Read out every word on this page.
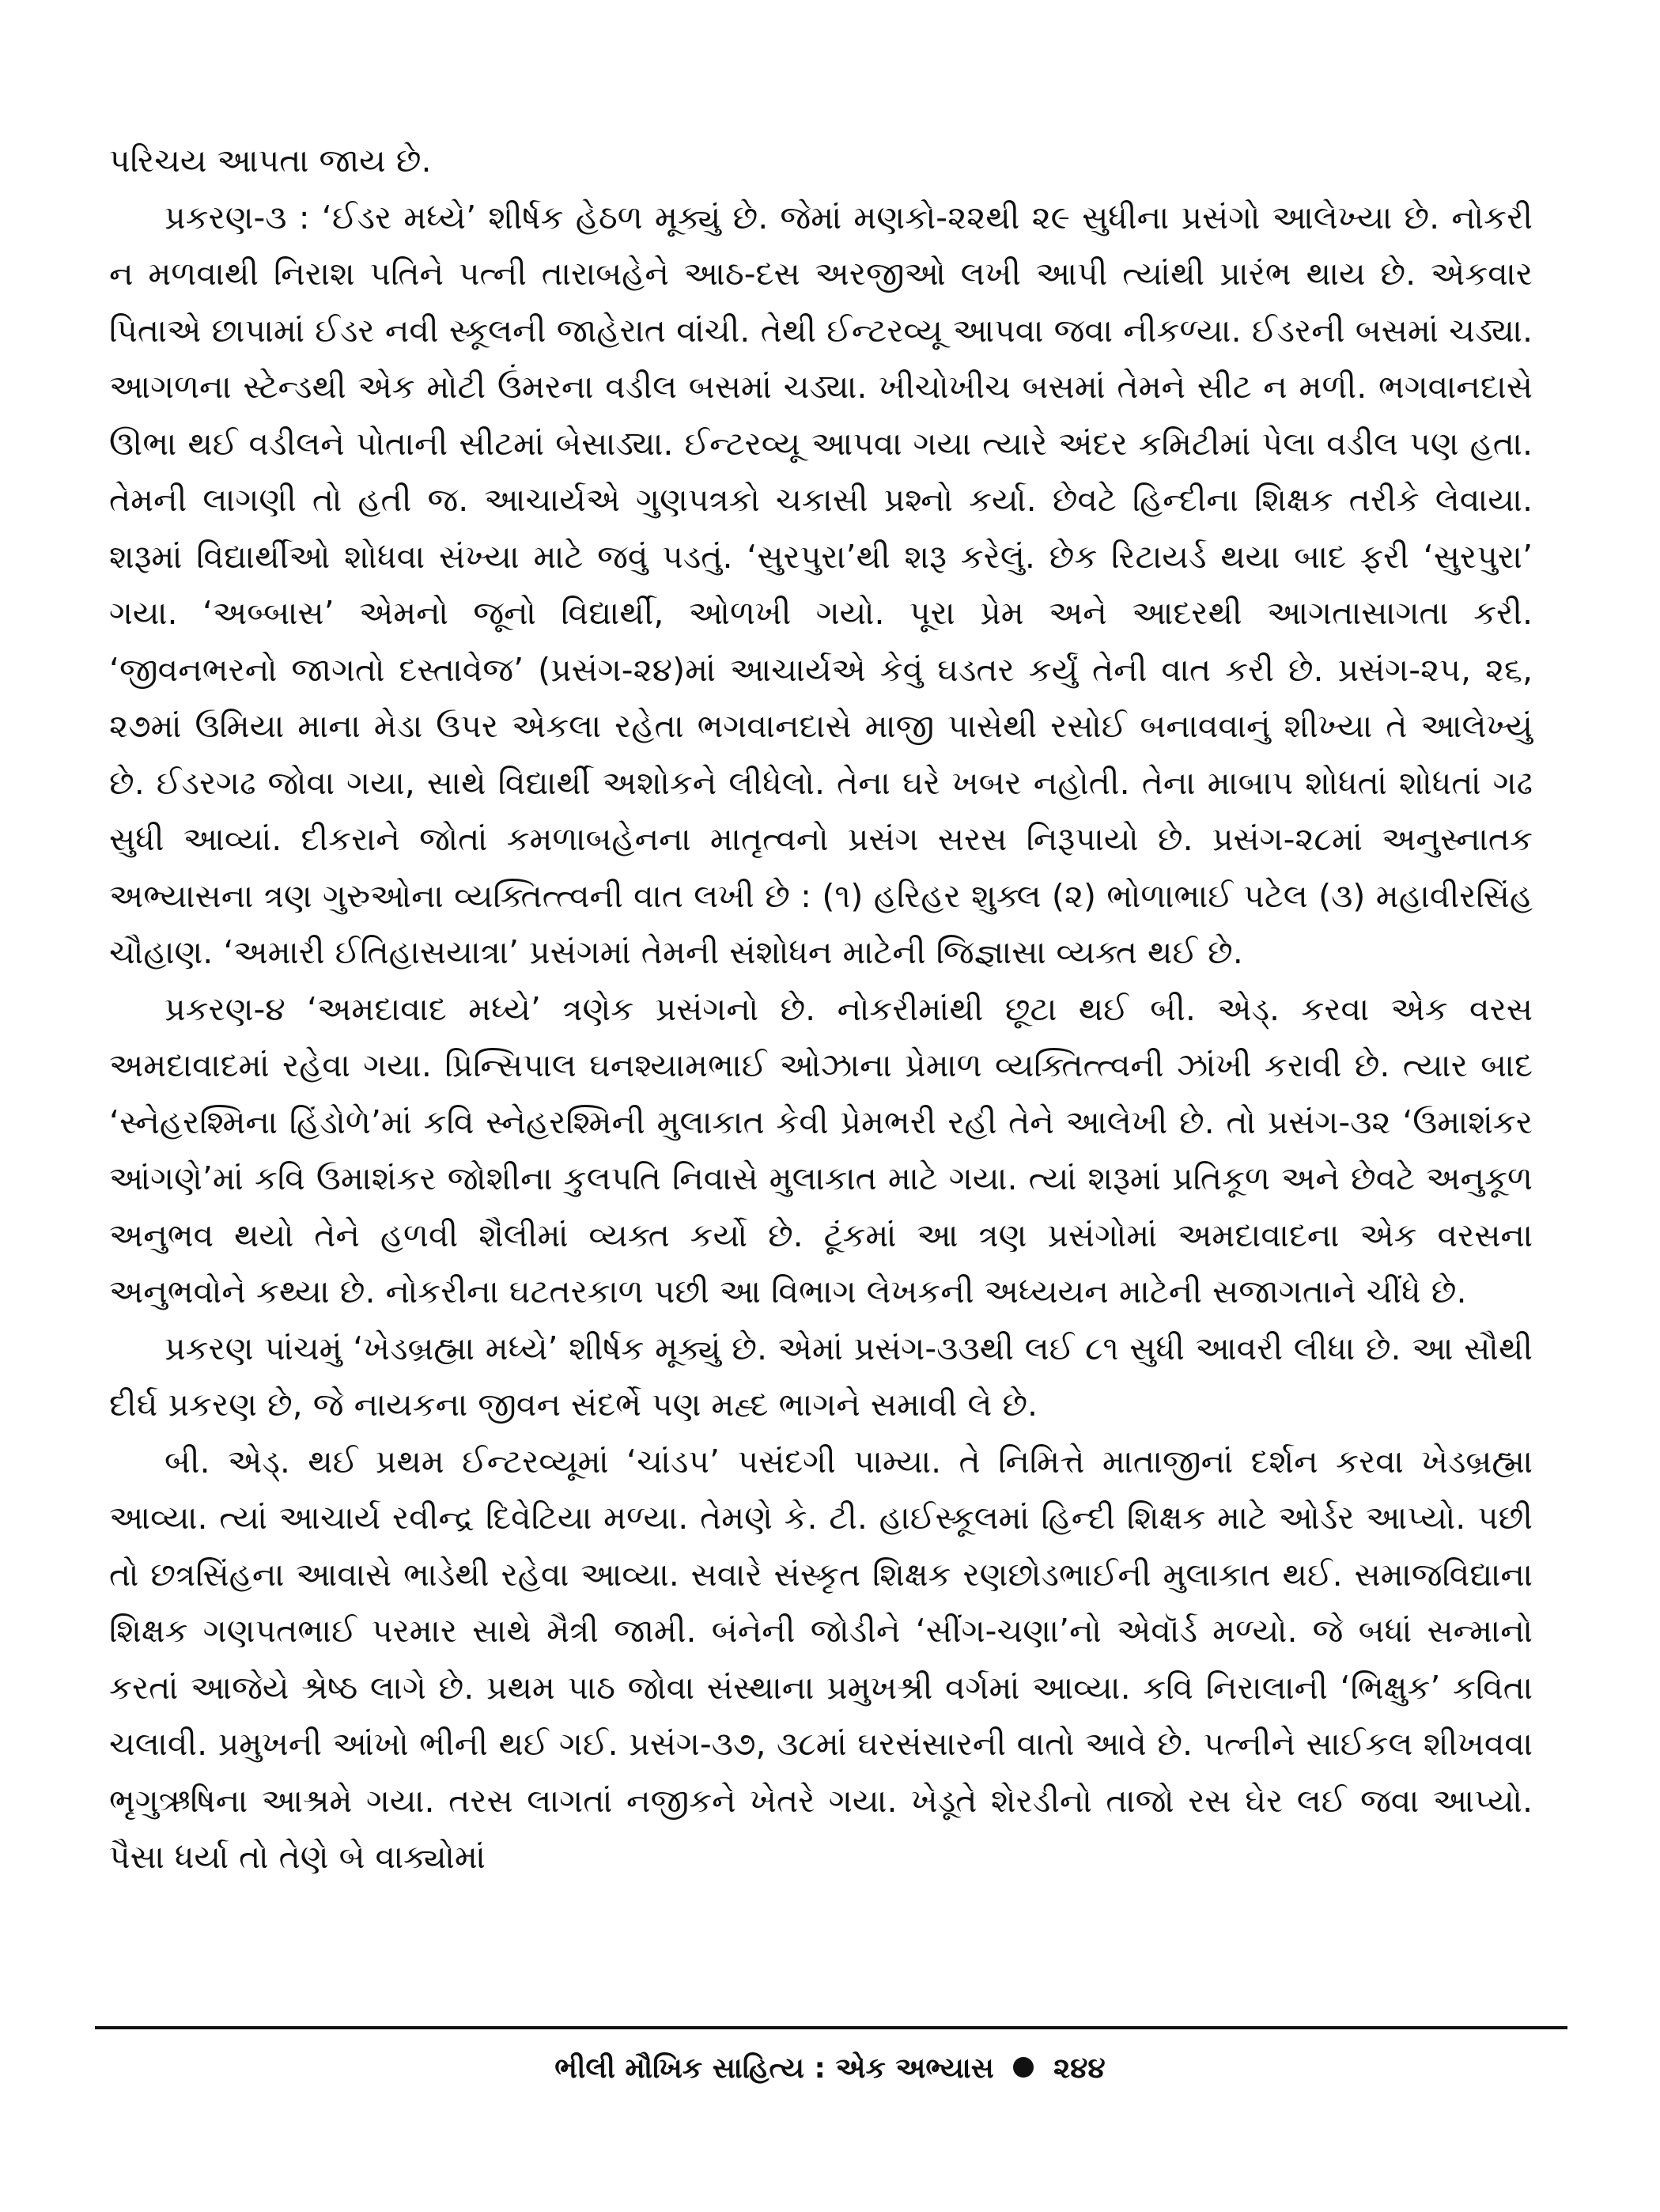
પરિચય આપતા જાય છે.

પ્રકરણ-૩ : ‘ઈડર મધ્યે’ શીર્ષક હેઠળ મૂક્યું છે. જેમાં મણકો-૨૨થી ૨૯ સુધીના પ્રસંગો આલેખ્યા છે. નોકરી ન મળવાથી નિરાશ પતિને પત્ની તારાબહેને આઠ-દસ અરજીઓ લખી આપી ત્યાંથી પ્રારંભ થાય છે. એકવાર પિતાએ છાપામાં ઈડર નવી સ્કૂલની જાહેરાત વાંચી. તેથી ઈન્ટરવ્યૂ આપવા જવા નીકળ્યા. ઈડરની બસમાં ચડ્યા. આગળના સ્ટેન્ડથી એક મોટી ઉંમરના વડીલ બસમાં ચડ્યા. ખીચોખીચ બસમાં તેમને સીટ ન મળી. ભગવાનદાસે ઊભા થઈ વડીલને પોતાની સીટમાં બેસાડ્યા. ઈન્ટરવ્યૂ આપવા ગયા ત્યારે અંદર કમિટીમાં પેલા વડીલ પણ હતા. તેમની લાગણી તો હતી જ. આચાર્યએ ગુણપત્રકો ચકાસી પ્રશ્નો કર્યા. છેવટે હિન્દીના શિક્ષક તરીકે લેવાયા. શરૂમાં વિદ્યાર્થીઓ શોધવા સંખ્યા માટે જવું પડતું. ‘સુરપુરા’થી શરૂ કરેલું. છેક રિટાયર્ડ થયા બાદ ફરી ‘સુરપુરા’ ગયા. ‘અબ્બાસ’ એમનો જૂનો વિદ્યાર્થી, ઓળખી ગયો. પૂરા પ્રેમ અને આદરથી આગતાસાગતા કરી. ‘જીવનભરનો જાગતો દસ્તાવેજ’ (પ્રસંગ-૨૪)માં આચાર્યએ કેવું ઘડતર કર્યું તેની વાત કરી છે. પ્રસંગ-૨૫, ૨૬, ૨૭માં ઉમિયા માના મેડા ઉપર એકલા રહેતા ભગવાનદાસે માજી પાસેથી રસોઈ બનાવવાનું શીખ્યા તે આલેખ્યું છે. ઈડરગઢ જોવા ગયા, સાથે વિદ્યાર્થી અશોકને લીધેલો. તેના ઘરે ખબર નહોતી. તેના માબાપ શોધતાં શોધતાં ગઢ સુધી આવ્યાં. દીકરાને જોતાં કમળાબહેનના માતૃત્વનો પ્રસંગ સરસ નિરૂપાયો છે. પ્રસંગ-૨૮માં અનુસ્નાતક અભ્યાસના ત્રણ ગુરુઓના વ્યક્તિત્ત્વની વાત લખી છે : (૧) હરિહર શુક્લ (૨) ભોળાભાઈ પટેલ (૩) મહાવીરસિંહ ચૌહાણ. ‘અમારી ઈતિહાસયાત્રા’ પ્રસંગમાં તેમની સંશોધન માટેની જિજ્ઞાસા વ્યક્ત થઈ છે.

પ્રકરણ-૪ ‘અમદાવાદ મધ્યે’ ત્રણેક પ્રસંગનો છે. નોકરીમાંથી છૂટા થઈ બી. એડ્. કરવા એક વરસ અમદાવાદમાં રહેવા ગયા. પ્રિન્સિપાલ ઘનશ્યામભાઈ ઓઝાના પ્રેમાળ વ્યક્તિત્ત્વની ઝાંખી કરાવી છે. ત્યાર બાદ ‘સ્નેહરશ્મિના હિંડોળે’માં કવિ સ્નેહરશ્મિની મુલાકાત કેવી પ્રેમભરી રહી તેને આલેખી છે. તો પ્રસંગ-૩૨ ‘ઉમાશંકર આંગણે’માં કવિ ઉમાશંકર જોશીના કુલપતિ નિવાસે મુલાકાત માટે ગયા. ત્યાં શરૂમાં પ્રતિકૂળ અને છેવટે અનુકૂળ અનુભવ થયો તેને હળવી શૈલીમાં વ્યક્ત કર્યો છે. ટૂંકમાં આ ત્રણ પ્રસંગોમાં અમદાવાદના એક વરસના અનુભવોને કથ્યા છે. નોકરીના ઘટતરકાળ પછી આ વિભાગ લેખકની અધ્યયન માટેની સજાગતાને ચીંધે છે.

પ્રકરણ પાંચમું ‘ખેડબ્રહ્મા મધ્યે’ શીર્ષક મૂક્યું છે. એમાં પ્રસંગ-૩૩થી લઈ ૮૧ સુધી આવરી લીધા છે. આ સૌથી દીર્ઘ પ્રકરણ છે, જે નાયકના જીવન સંદર્ભે પણ મહ્દ ભાગને સમાવી લે છે.

બી. એડ્. થઈ પ્રથમ ઈન્ટરવ્યૂમાં ‘ચાંડપ’ પસંદગી પામ્યા. તે નિમિત્તે માતાજીનાં દર્શન કરવા ખેડબ્રહ્મા આવ્યા. ત્યાં આચાર્ય રવીન્દ્ર દિવેટિયા મળ્યા. તેમણે કે. ટી. હાઈસ્કૂલમાં હિન્દી શિક્ષક માટે ઓર્ડર આપ્યો. પછી તો છત્રસિંહના આવાસે ભાડેથી રહેવા આવ્યા. સવારે સંસ્કૃત શિક્ષક રણછોડભાઈની મુલાકાત થઈ. સમાજવિદ્યાના શિક્ષક ગણપતભાઈ પરમાર સાથે મૈત્રી જામી. બંનેની જોડીને ‘સીંગ-ચણા’નો એવૉર્ડ મળ્યો. જે બધાં સન્માનો કરતાં આજેયે શ્રેષ્ઠ લાગે છે. પ્રથમ પાઠ જોવા સંસ્થાના પ્રમુખશ્રી વર્ગમાં આવ્યા. કવિ નિરાલાની ‘ભિક્ષુક’ કવિતા ચલાવી. પ્રમુખની આંખો ભીની થઈ ગઈ. પ્રસંગ-૩૭, ૩૮માં ઘરસંસારની વાતો આવે છે. પત્નીને સાઈકલ શીખવવા ભૃગુઋષિના આશ્રમે ગયા. તરસ લાગતાં નજીકને ખેતરે ગયા. ખેડૂતે શેરડીનો તાજો રસ ઘેર લઈ જવા આપ્યો. પૈસા ધર્યા તો તેણે બે વાક્યોમાં

ભીલી મૌખિક સાહિત્ય : એક અભ્યાસ ૨૪૪
